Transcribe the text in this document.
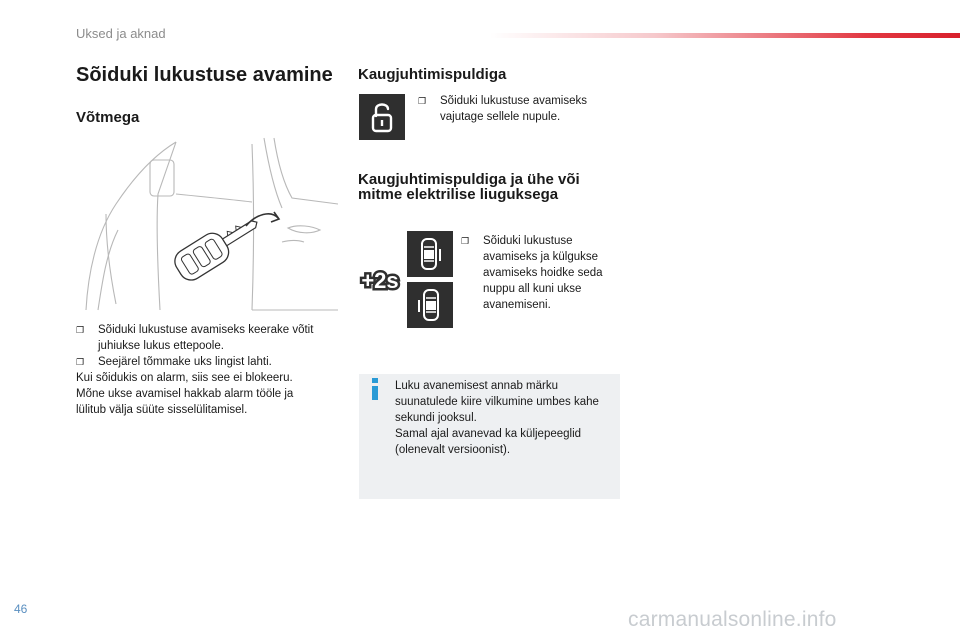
Uksed ja aknad
Sõiduki lukustuse avamine
Võtmega
❐ Sõiduki lukustuse avamiseks keerake võtit juhiukse lukus ettepoole.
❐ Seejärel tõmmake uks lingist lahti.
Kui sõidukis on alarm, siis see ei blokeeru.
Mõne ukse avamisel hakkab alarm tööle ja
lülitub välja süüte sisselülitamisel.
Kaugjuhtimispuldiga
❐ Sõiduki lukustuse avamiseks vajutage sellele nupule.
Kaugjuhtimispuldiga ja ühe või mitme elektrilise liuguksega
+2s
❐ Sõiduki lukustuse avamiseks ja külgukse avamiseks hoidke seda nuppu all kuni ukse avanemiseni.
Luku avanemisest annab märku suunatulede kiire vilkumine umbes kahe sekundi jooksul.
Samal ajal avanevad ka küljepeeglid (olenevalt versioonist).
46	carmanualsonline.info
